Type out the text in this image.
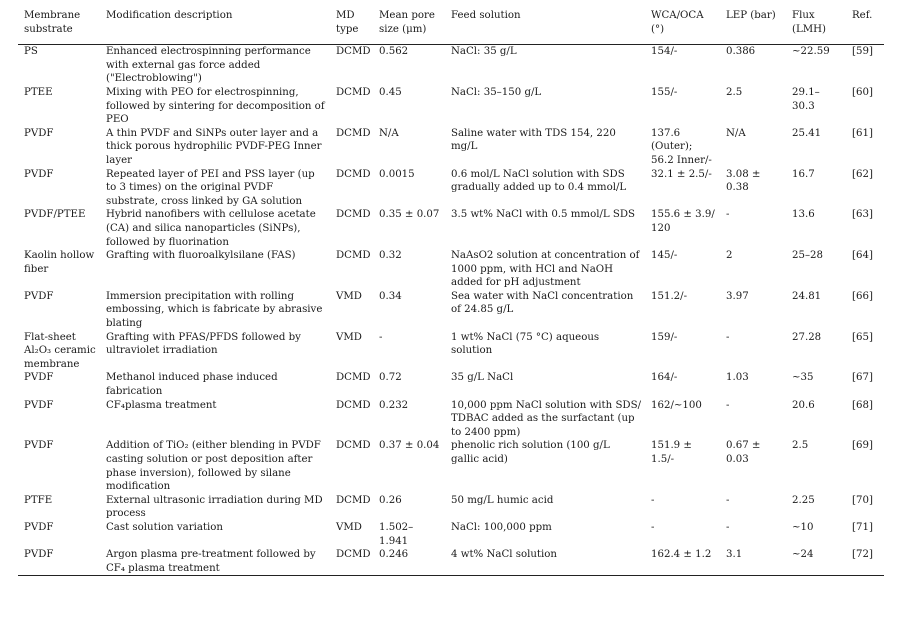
Membrane substrate	Modification description	MD type	Mean pore size (μm)	Feed solution	WCA/OCA (°)	LEP (bar)	Flux (LMH)	Ref.
PS	Enhanced electrospinning performance with external gas force added ("Electroblowing")	DCMD	0.562	NaCl: 35 g/L	154/-	0.386	~22.59	[59]
PTEE	Mixing with PEO for electrospinning, followed by sintering for decomposition of PEO	DCMD	0.45	NaCl: 35–150 g/L	155/-	2.5	29.1–30.3	[60]
PVDF	A thin PVDF and SiNPs outer layer and a thick porous hydrophilic PVDF-PEG Inner layer	DCMD	N/A	Saline water with TDS 154, 220 mg/L	137.6 (Outer); 56.2 Inner/-	N/A	25.41	[61]
PVDF	Repeated layer of PEI and PSS layer (up to 3 times) on the original PVDF substrate, cross linked by GA solution	DCMD	0.0015	0.6 mol/L NaCl solution with SDS gradually added up to 0.4 mmol/L	32.1 ± 2.5/-	3.08 ± 0.38	16.7	[62]
PVDF/PTEE	Hybrid nanofibers with cellulose acetate (CA) and silica nanoparticles (SiNPs), followed by fluorination	DCMD	0.35 ± 0.07	3.5 wt% NaCl with 0.5 mmol/L SDS	155.6 ± 3.9/ 120	-	13.6	[63]
Kaolin hollow fiber	Grafting with fluoroalkylsilane (FAS)	DCMD	0.32	NaAsO2 solution at concentration of 1000 ppm, with HCl and NaOH added for pH adjustment	145/-	2	25–28	[64]
PVDF	Immersion precipitation with rolling embossing, which is fabricate by abrasive blating	VMD	0.34	Sea water with NaCl concentration of 24.85 g/L	151.2/-	3.97	24.81	[66]
Flat-sheet Al₂O₃ ceramic membrane	Grafting with PFAS/PFDS followed by ultraviolet irradiation	VMD	-	1 wt% NaCl (75 °C) aqueous solution	159/-	-	27.28	[65]
PVDF	Methanol induced phase induced fabrication	DCMD	0.72	35 g/L NaCl	164/-	1.03	~35	[67]
PVDF	CF₄plasma treatment	DCMD	0.232	10,000 ppm NaCl solution with SDS/ TDBAC added as the surfactant (up to 2400 ppm)	162/~100	-	20.6	[68]
PVDF	Addition of TiO₂ (either blending in PVDF casting solution or post deposition after phase inversion), followed by silane modification	DCMD	0.37 ± 0.04	phenolic rich solution (100 g/L gallic acid)	151.9 ± 1.5/-	0.67 ± 0.03	2.5	[69]
PTFE	External ultrasonic irradiation during MD process	DCMD	0.26	50 mg/L humic acid	-	-	2.25	[70]
PVDF	Cast solution variation	VMD	1.502–1.941	NaCl: 100,000 ppm	-	-	~10	[71]
PVDF	Argon plasma pre-treatment followed by CF₄ plasma treatment	DCMD	0.246	4 wt% NaCl solution	162.4 ± 1.2	3.1	~24	[72]
